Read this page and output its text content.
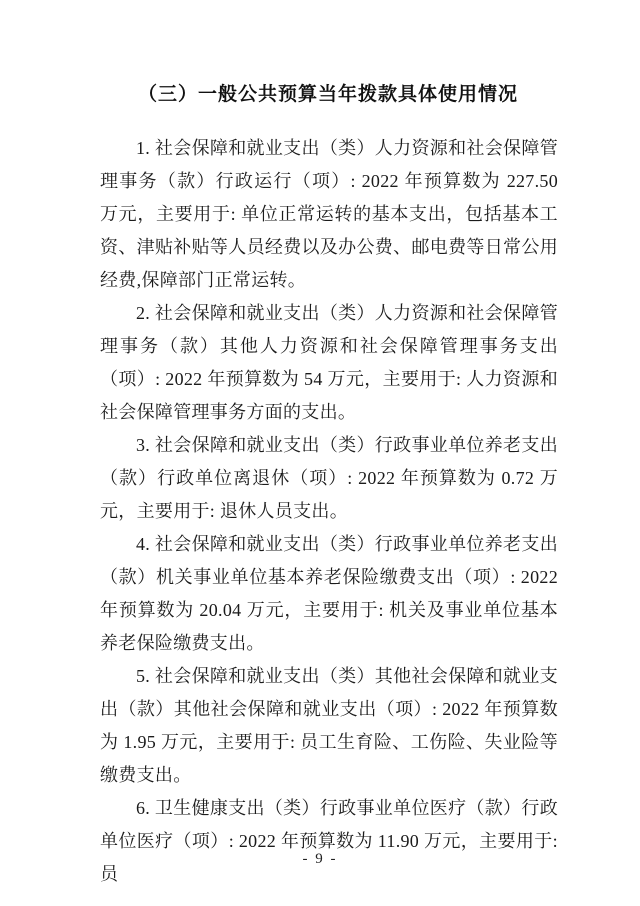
（三）一般公共预算当年拨款具体使用情况

1. 社会保障和就业支出（类）人力资源和社会保障管理事务（款）行政运行（项）: 2022 年预算数为 227.50 万元，主要用于: 单位正常运转的基本支出，包括基本工资、津贴补贴等人员经费以及办公费、邮电费等日常公用经费,保障部门正常运转。

2. 社会保障和就业支出（类）人力资源和社会保障管理事务（款）其他人力资源和社会保障管理事务支出（项）: 2022 年预算数为 54 万元，主要用于: 人力资源和社会保障管理事务方面的支出。

3. 社会保障和就业支出（类）行政事业单位养老支出（款）行政单位离退休（项）: 2022 年预算数为 0.72 万元，主要用于: 退休人员支出。

4. 社会保障和就业支出（类）行政事业单位养老支出（款）机关事业单位基本养老保险缴费支出（项）: 2022 年预算数为 20.04 万元，主要用于: 机关及事业单位基本养老保险缴费支出。

5. 社会保障和就业支出（类）其他社会保障和就业支出（款）其他社会保障和就业支出（项）: 2022 年预算数为 1.95 万元，主要用于: 员工生育险、工伤险、失业险等缴费支出。

6. 卫生健康支出（类）行政事业单位医疗（款）行政单位医疗（项）: 2022 年预算数为 11.90 万元，主要用于: 员

- 9 -
